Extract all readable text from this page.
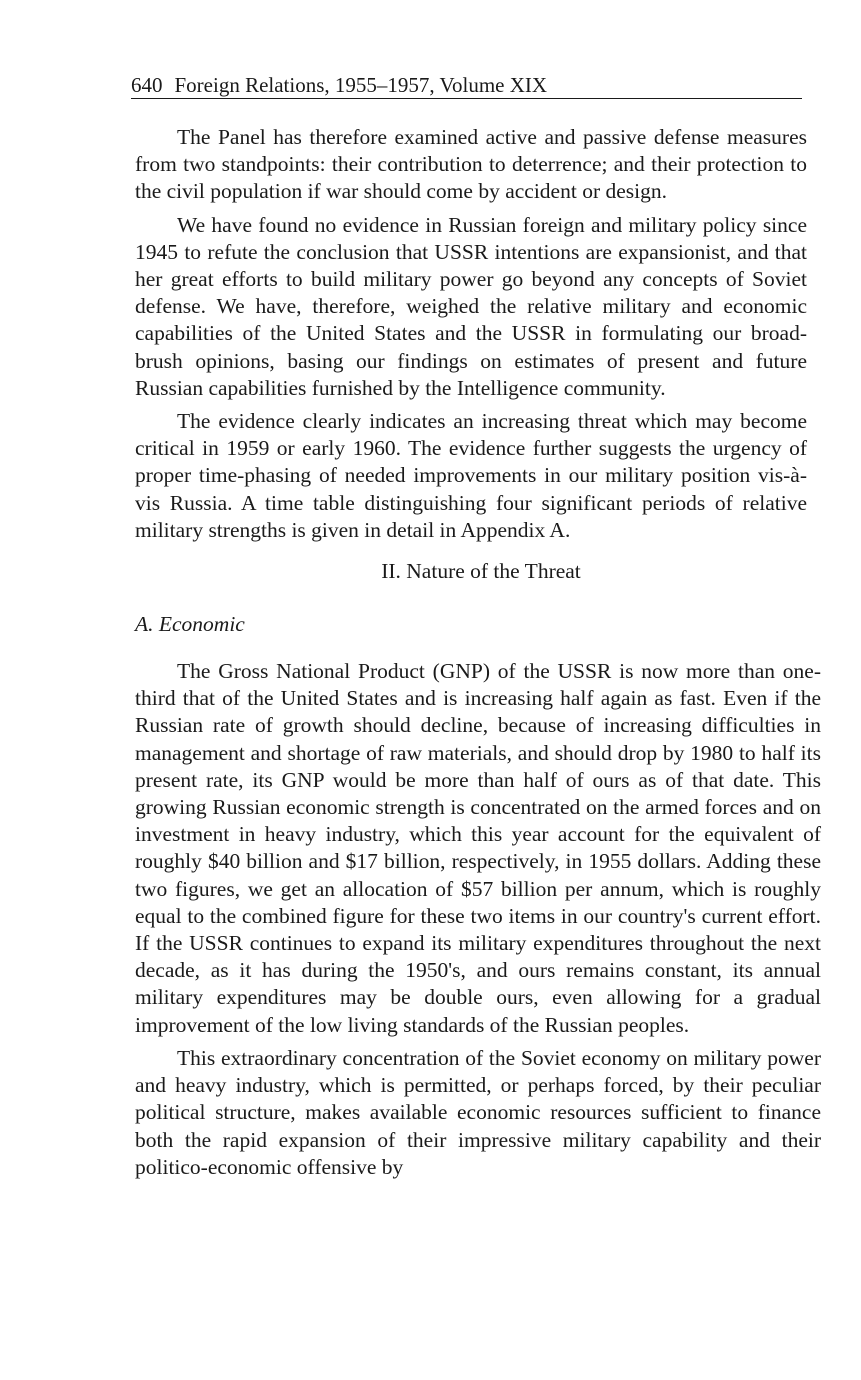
640 Foreign Relations, 1955–1957, Volume XIX

The Panel has therefore examined active and passive defense measures from two standpoints: their contribution to deterrence; and their protection to the civil population if war should come by accident or design.

We have found no evidence in Russian foreign and military policy since 1945 to refute the conclusion that USSR intentions are expansionist, and that her great efforts to build military power go beyond any concepts of Soviet defense. We have, therefore, weighed the relative military and economic capabilities of the United States and the USSR in formulating our broad-brush opinions, basing our findings on estimates of present and future Russian capabilities furnished by the Intelligence community.

The evidence clearly indicates an increasing threat which may become critical in 1959 or early 1960. The evidence further suggests the urgency of proper time-phasing of needed improvements in our military position vis-à-vis Russia. A time table distinguishing four significant periods of relative military strengths is given in detail in Appendix A.

II. Nature of the Threat
A. Economic

The Gross National Product (GNP) of the USSR is now more than one-third that of the United States and is increasing half again as fast. Even if the Russian rate of growth should decline, because of increasing difficulties in management and shortage of raw materials, and should drop by 1980 to half its present rate, its GNP would be more than half of ours as of that date. This growing Russian economic strength is concentrated on the armed forces and on investment in heavy industry, which this year account for the equivalent of roughly $40 billion and $17 billion, respectively, in 1955 dollars. Adding these two figures, we get an allocation of $57 billion per annum, which is roughly equal to the combined figure for these two items in our country's current effort. If the USSR continues to expand its military expenditures throughout the next decade, as it has during the 1950's, and ours remains constant, its annual military expenditures may be double ours, even allowing for a gradual improvement of the low living standards of the Russian peoples.

This extraordinary concentration of the Soviet economy on military power and heavy industry, which is permitted, or perhaps forced, by their peculiar political structure, makes available economic resources sufficient to finance both the rapid expansion of their impressive military capability and their politico-economic offensive by
